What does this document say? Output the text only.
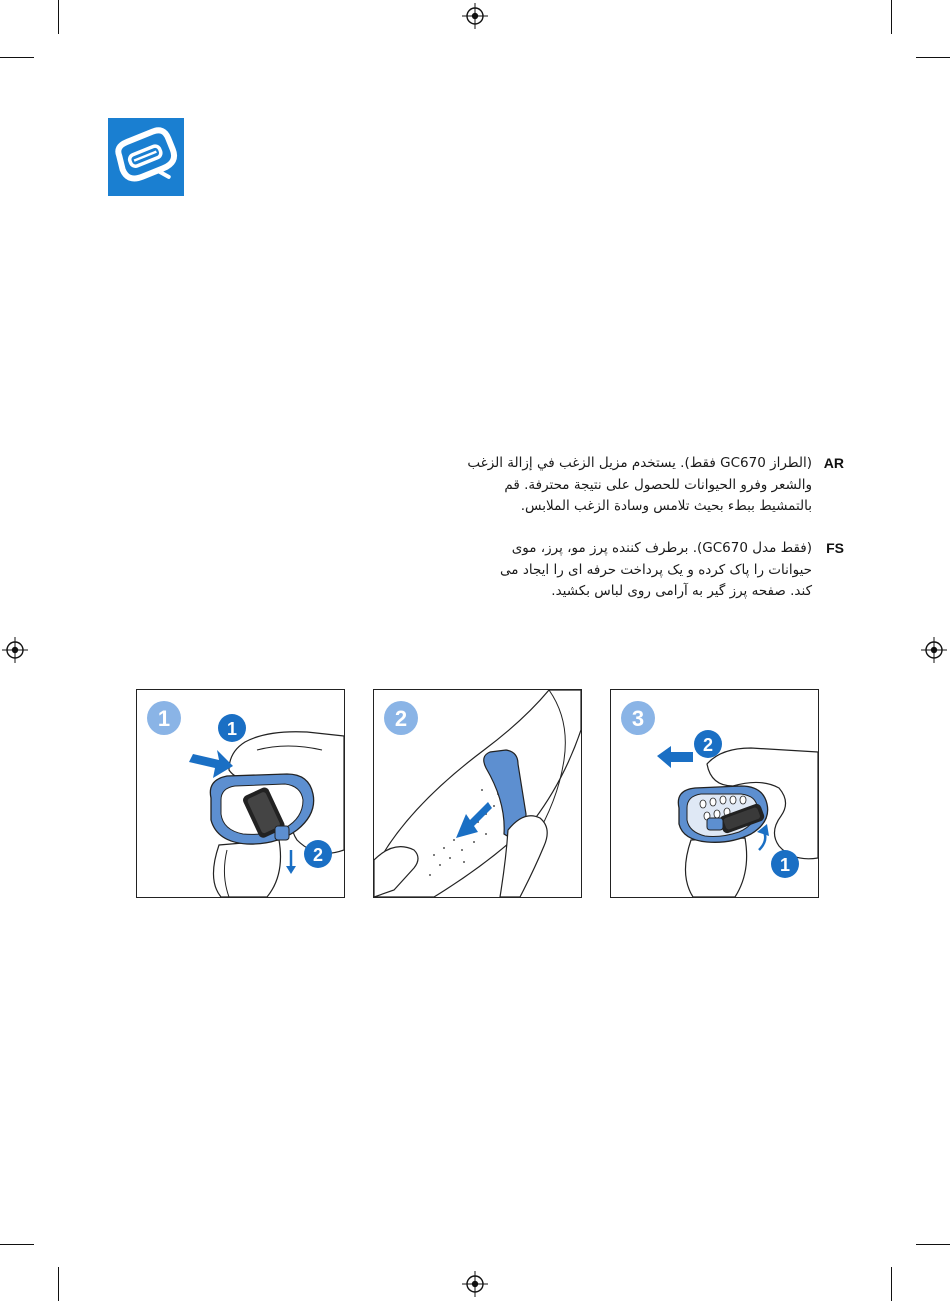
(الطراز GC670 فقط). يستخدم مزيل الزغب في إزالة الزغب
والشعر وفرو الحيوانات للحصول على نتيجة محترفة. قم
بالتمشيط ببطء بحيث تلامس وسادة الزغب الملابس.
AR
(فقط مدل GC670). برطرف کننده پرز مو، پرز، موی
حیوانات را پاک کرده و یک پرداخت حرفه ای را ایجاد می
کند. صفحه پرز گیر به آرامی روی لباس بکشید.
FS
1	1
2
2
1
2
3
